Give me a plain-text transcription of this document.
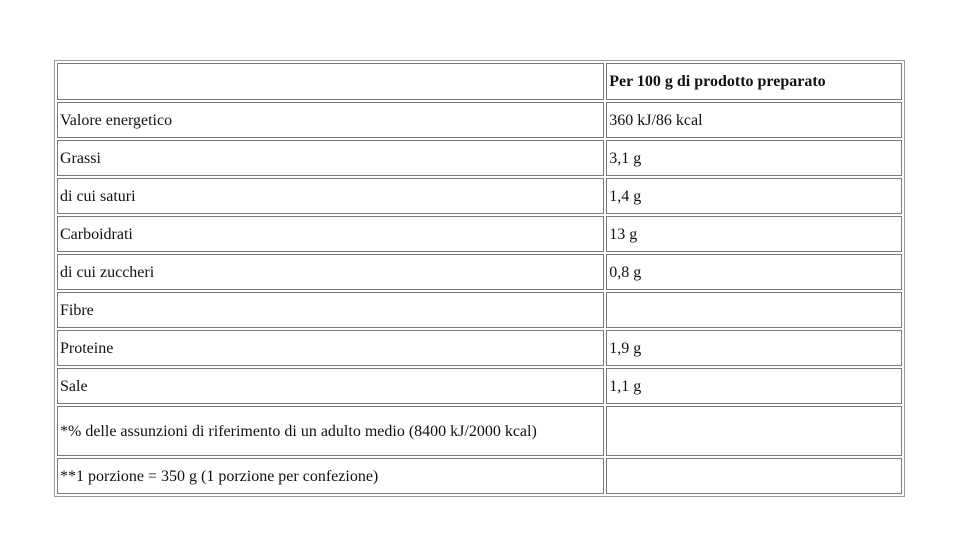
	Per 100 g di prodotto preparato
Valore energetico	360 kJ/86 kcal
Grassi	3,1 g
di cui saturi	1,4 g
Carboidrati	13 g
di cui zuccheri	0,8 g
Fibre	
Proteine	1,9 g
Sale	1,1 g
*% delle assunzioni di riferimento di un adulto medio (8400 kJ/2000 kcal)	
**1 porzione = 350 g (1 porzione per confezione)	
